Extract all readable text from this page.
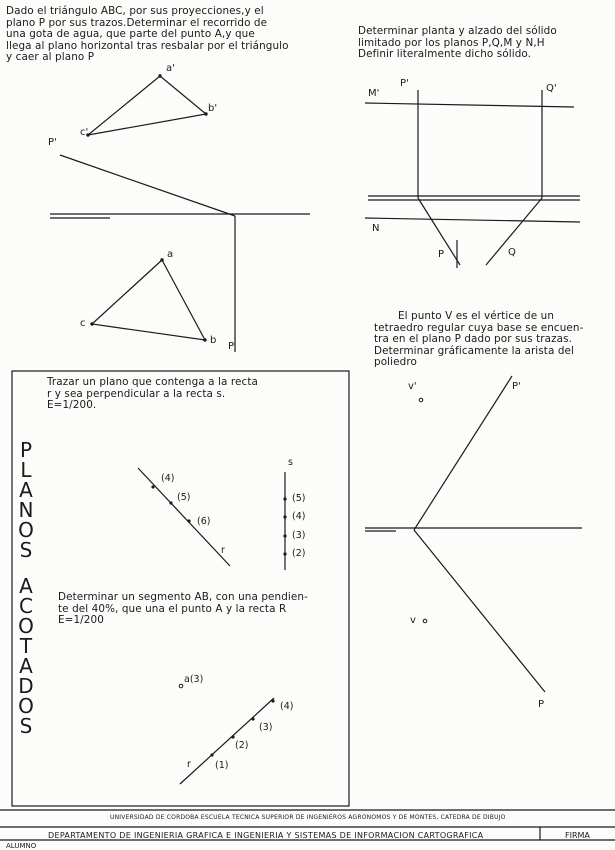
Dado el triángulo ABC, por sus proyecciones,y el
plano P por sus trazos.Determinar el recorrido de
una gota de agua, que parte del punto A,y que
llega al plano horizontal tras resbalar por el triángulo
y caer al plano P
a'
b'
c'
P'
a
b
c
P
Determinar planta y alzado del sólido
limitado por los planos P,Q,M y N,H
Definir literalmente dicho sólido.
M'
P'	Q'
N
P	Q
El punto V es el vértice de un
tetraedro regular cuya base se encuen-
tra en el plano P dado por sus trazas.
Determinar gráficamente la arista del
poliedro
v'	P'
v
P
P
L
A
N
O
S
A
C
O
T
A
D
O
S
Trazar un plano que contenga a la recta
r y sea perpendicular a la recta s.
E=1/200.
(4)
(5)
(6)
r
s
(5)
(4)
(3)
(2)
Determinar un segmento AB, con una pendien-
te del 40%, que una el punto A y la recta R
E=1/200
a(3)
(4)
(3)
(2)
(1)
r
UNIVERSIDAD DE CORDOBA ESCUELA TECNICA SUPERIOR DE INGENIEROS AGRONOMOS Y DE MONTES, CATEDRA DE DIBUJO
DEPARTAMENTO DE INGENIERIA GRAFICA E INGENIERIA Y SISTEMAS DE INFORMACION CARTOGRAFICA	FIRMA
ALUMNO
